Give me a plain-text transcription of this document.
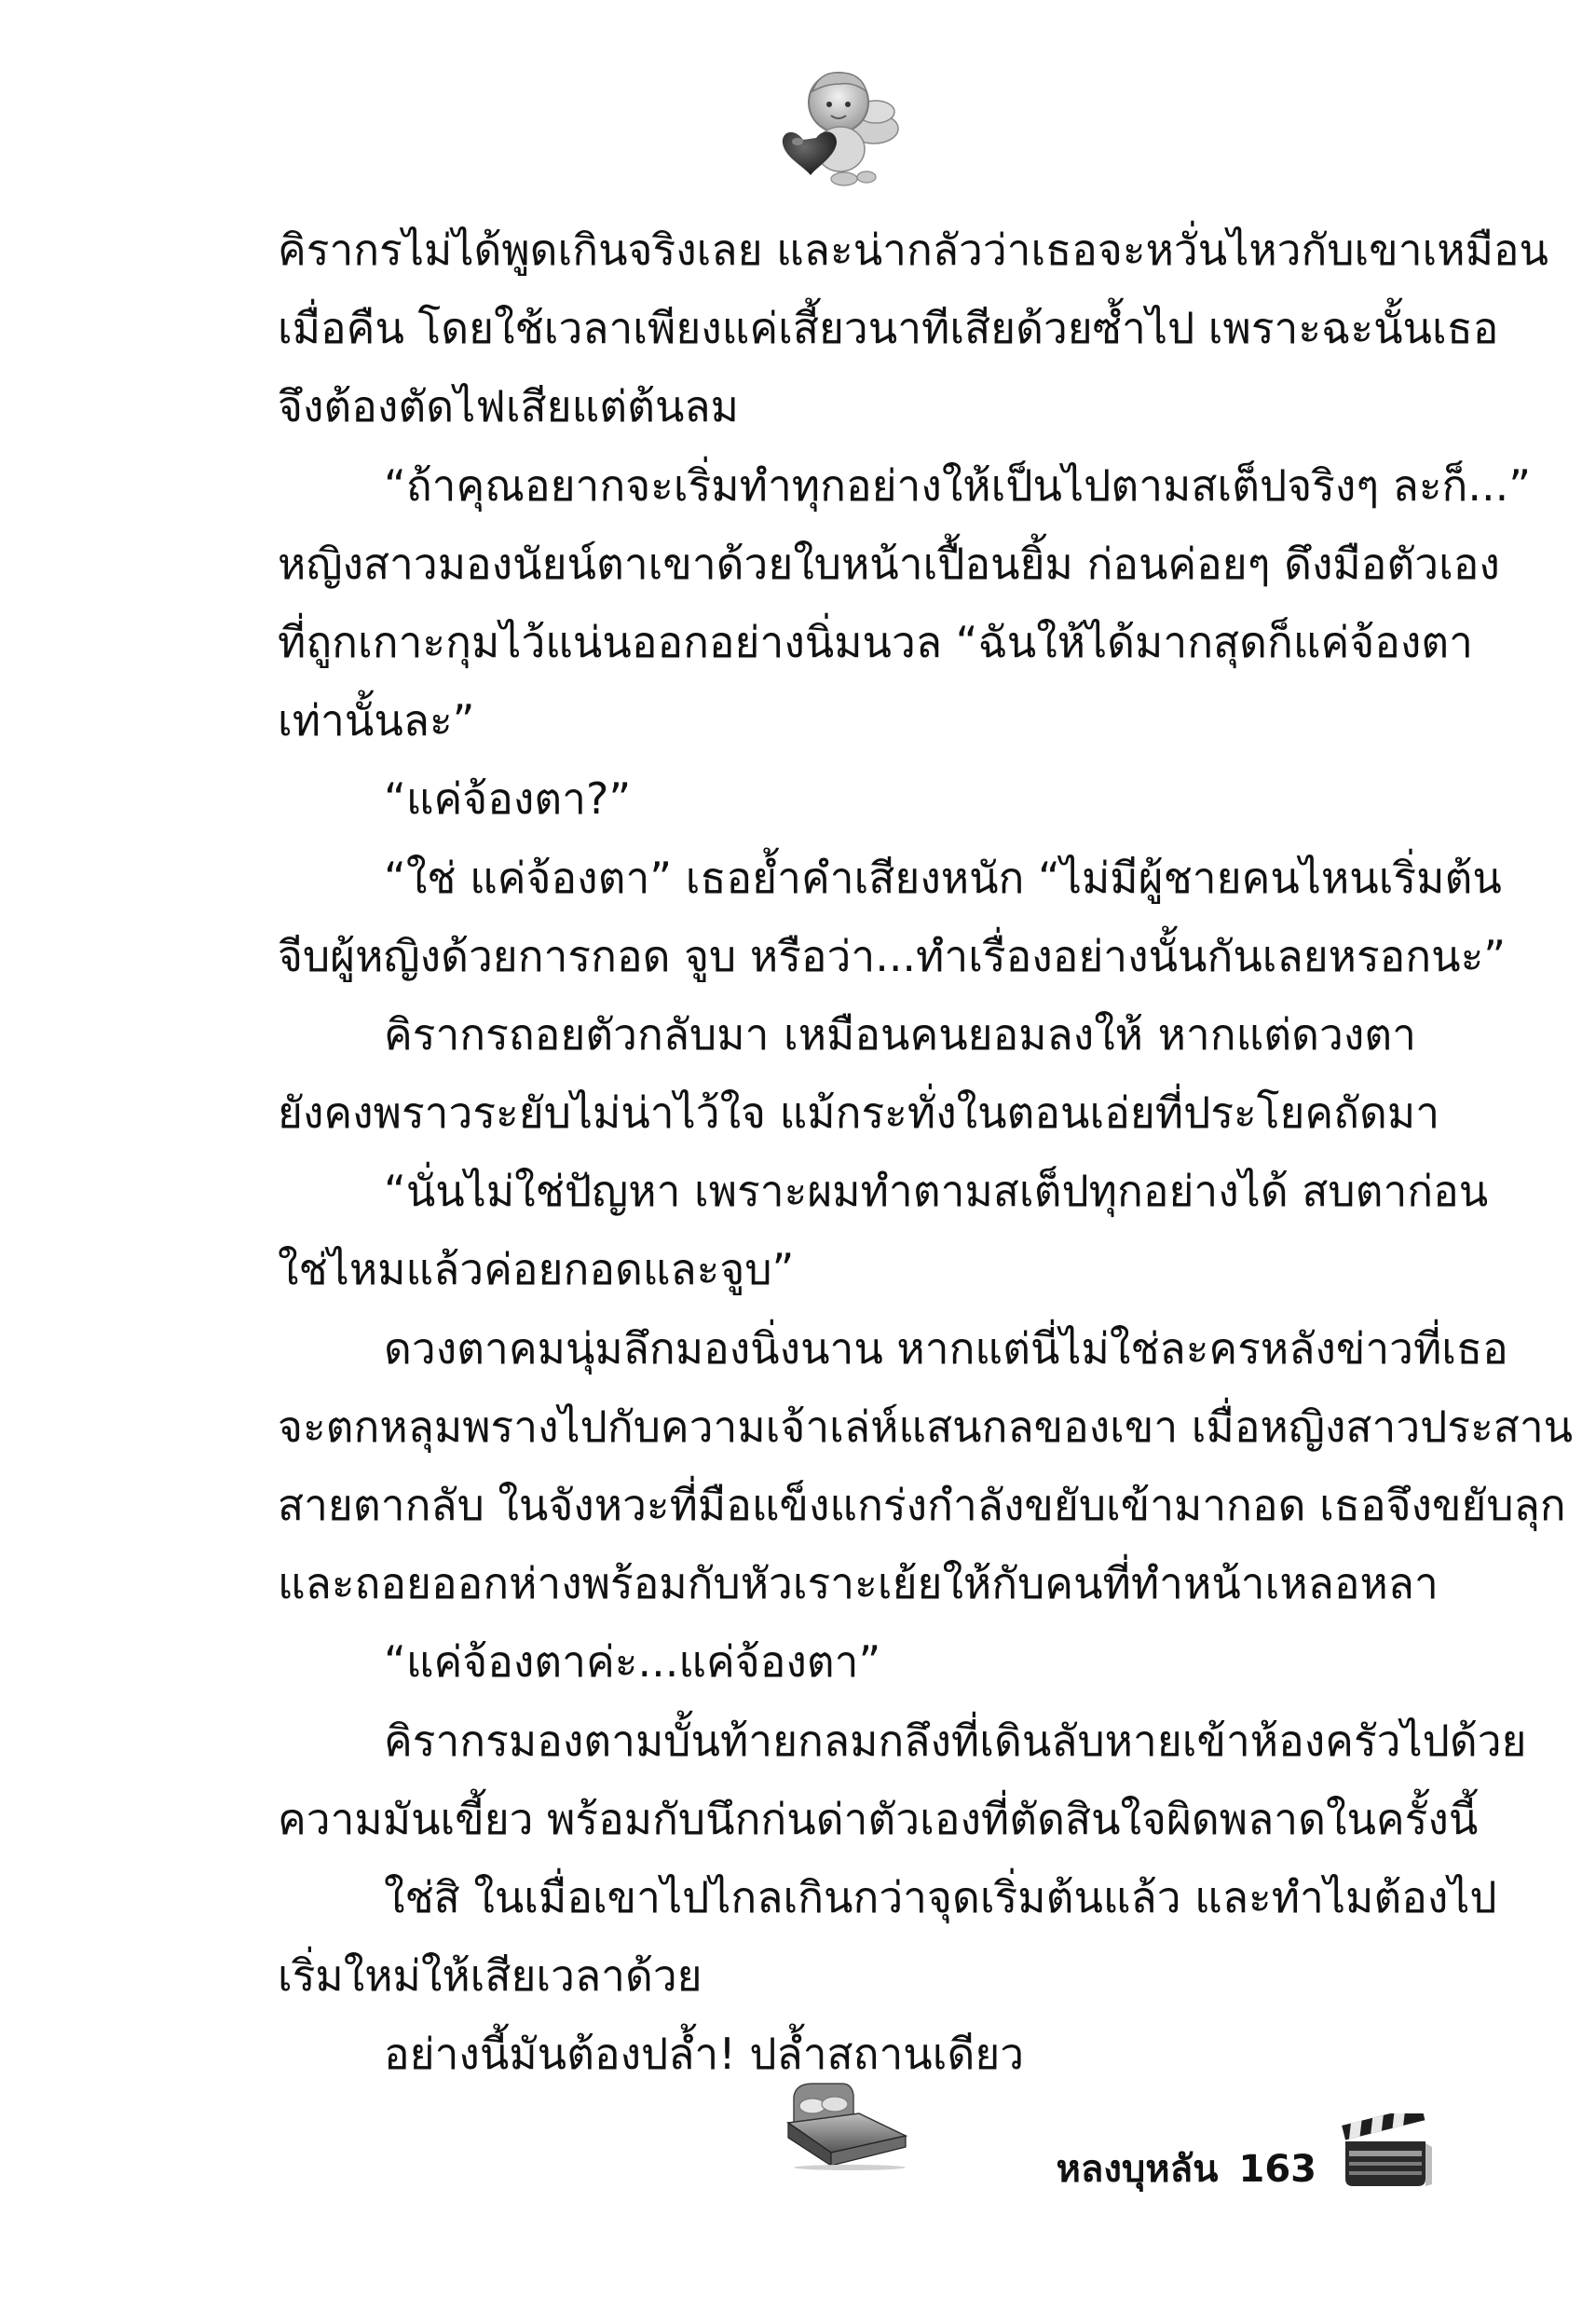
คิรากรไม่ได้พูดเกินจริงเลย และน่ากลัวว่าเธอจะหวั่นไหวกับเขาเหมือน
เมื่อคืน โดยใช้เวลาเพียงแค่เสี้ยวนาทีเสียด้วยซ้ำไป เพราะฉะนั้นเธอ
จึงต้องตัดไฟเสียแต่ต้นลม
“ถ้าคุณอยากจะเริ่มทำทุกอย่างให้เป็นไปตามสเต็ปจริงๆ ละก็...”
หญิงสาวมองนัยน์ตาเขาด้วยใบหน้าเปื้อนยิ้ม ก่อนค่อยๆ ดึงมือตัวเอง
ที่ถูกเกาะกุมไว้แน่นออกอย่างนิ่มนวล “ฉันให้ได้มากสุดก็แค่จ้องตา
เท่านั้นละ”
“แค่จ้องตา?”
“ใช่ แค่จ้องตา” เธอย้ำคำเสียงหนัก “ไม่มีผู้ชายคนไหนเริ่มต้น
จีบผู้หญิงด้วยการกอด จูบ หรือว่า...ทำเรื่องอย่างนั้นกันเลยหรอกนะ”
คิรากรถอยตัวกลับมา เหมือนคนยอมลงให้ หากแต่ดวงตา
ยังคงพราวระยับไม่น่าไว้ใจ แม้กระทั่งในตอนเอ่ยที่ประโยคถัดมา
“นั่นไม่ใช่ปัญหา เพราะผมทำตามสเต็ปทุกอย่างได้ สบตาก่อน
ใช่ไหมแล้วค่อยกอดและจูบ”
ดวงตาคมนุ่มลึกมองนิ่งนาน หากแต่นี่ไม่ใช่ละครหลังข่าวที่เธอ
จะตกหลุมพรางไปกับความเจ้าเล่ห์แสนกลของเขา เมื่อหญิงสาวประสาน
สายตากลับ ในจังหวะที่มือแข็งแกร่งกำลังขยับเข้ามากอด เธอจึงขยับลุก
และถอยออกห่างพร้อมกับหัวเราะเย้ยให้กับคนที่ทำหน้าเหลอหลา
“แค่จ้องตาค่ะ...แค่จ้องตา”
คิรากรมองตามบั้นท้ายกลมกลึงที่เดินลับหายเข้าห้องครัวไปด้วย
ความมันเขี้ยว พร้อมกับนึกก่นด่าตัวเองที่ตัดสินใจผิดพลาดในครั้งนี้
ใช่สิ ในเมื่อเขาไปไกลเกินกว่าจุดเริ่มต้นแล้ว และทำไมต้องไป
เริ่มใหม่ให้เสียเวลาด้วย
อย่างนี้มันต้องปล้ำ! ปล้ำสถานเดียว
หลงบุหลัน 163
